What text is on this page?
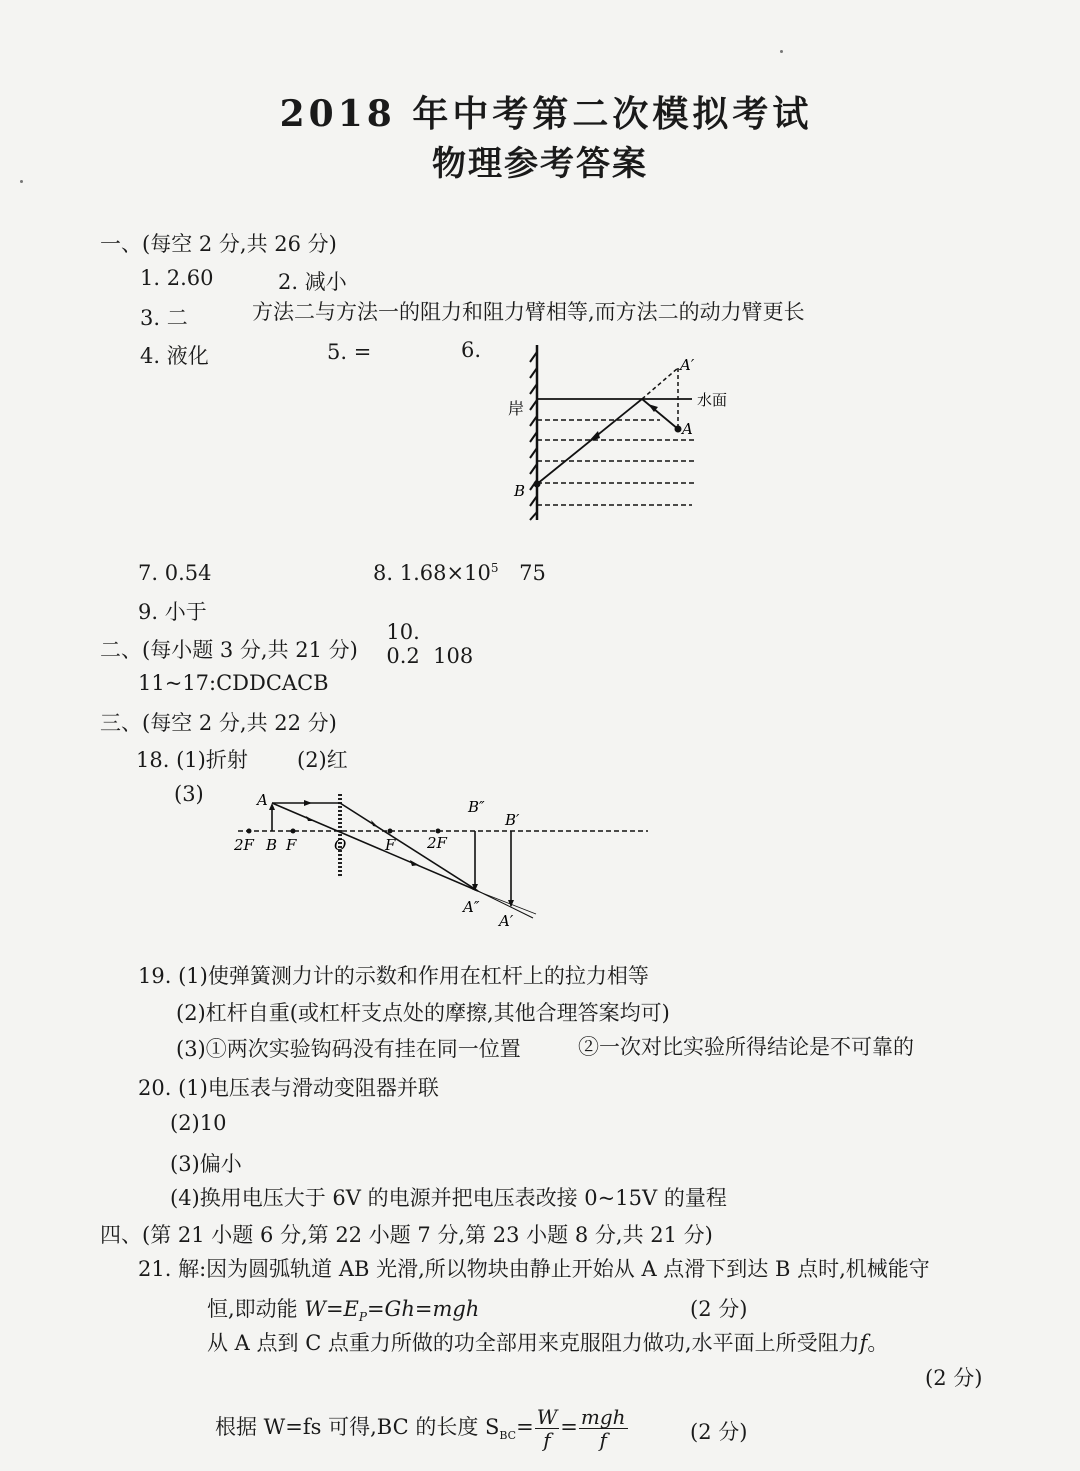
2018 年中考第二次模拟考试
物理参考答案
一、(每空 2 分,共 26 分)
1. 2.60	2. 减小
3. 二	方法二与方法一的阻力和阻力臂相等,而方法二的动力臂更长
4. 液化	5. =	6.
岸	水面
A
A′
B
7. 0.54	8. $1.68\times 10^5$ 75
9. 小于

10.
0.2  108

二、(每小题 3 分,共 21 分)
11~17:CDDCACB
三、(每空 2 分,共 22 分)
18. (1)折射 (2)红
(3)	A
2F B F	O	F 2F
B″
B′
A″
A′
19. (1)使弹簧测力计的示数和作用在杠杆上的拉力相等
(2)杠杆自重(或杠杆支点处的摩擦,其他合理答案均可)
(3)①两次实验钩码没有挂在同一位置	②一次对比实验所得结论是不可靠的
20. (1)电压表与滑动变阻器并联
(2)10
(3)偏小
(4)换用电压大于 6V 的电源并把电压表改接 0~15V 的量程
四、(第 21 小题 6 分,第 22 小题 7 分,第 23 小题 8 分,共 21 分)
21. 解:因为圆弧轨道 AB 光滑,所以物块由静止开始从 A 点滑下到达 B 点时,机械能守
恒,即动能 $W=E_P=Gh=mgh$	(2 分)
从 A 点到 C 点重力所做的功全部用来克服阻力做功,水平面上所受阻力f。
(2 分)
根据 W=fs 可得,BC 的长度 $S_{BC}= \frac{W}{f} = \frac{\text{mgh}}{f}$	(2 分)
